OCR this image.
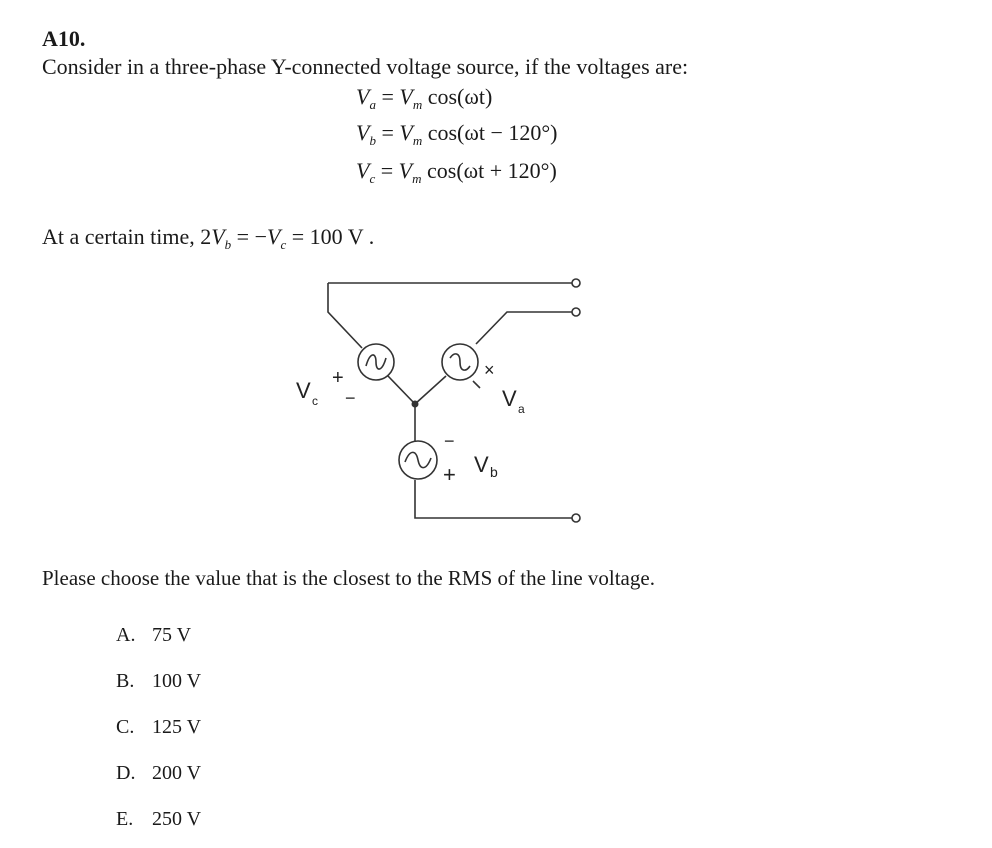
A10.
Consider in a three-phase Y-connected voltage source, if the voltages are:
$V_a = V_m$ cos(ωt)
$V_b = V_m$ cos(ωt − 120°)
$V_c = V_m$ cos(ωt + 120°)
At a certain time, $2V_b = -V_c = 100$ V .
+
−
V c
×
V a
−
+ V b
Please choose the value that is the closest to the RMS of the line voltage.
A. 75 V
B. 100 V
C. 125 V
D. 200 V
E. 250 V
